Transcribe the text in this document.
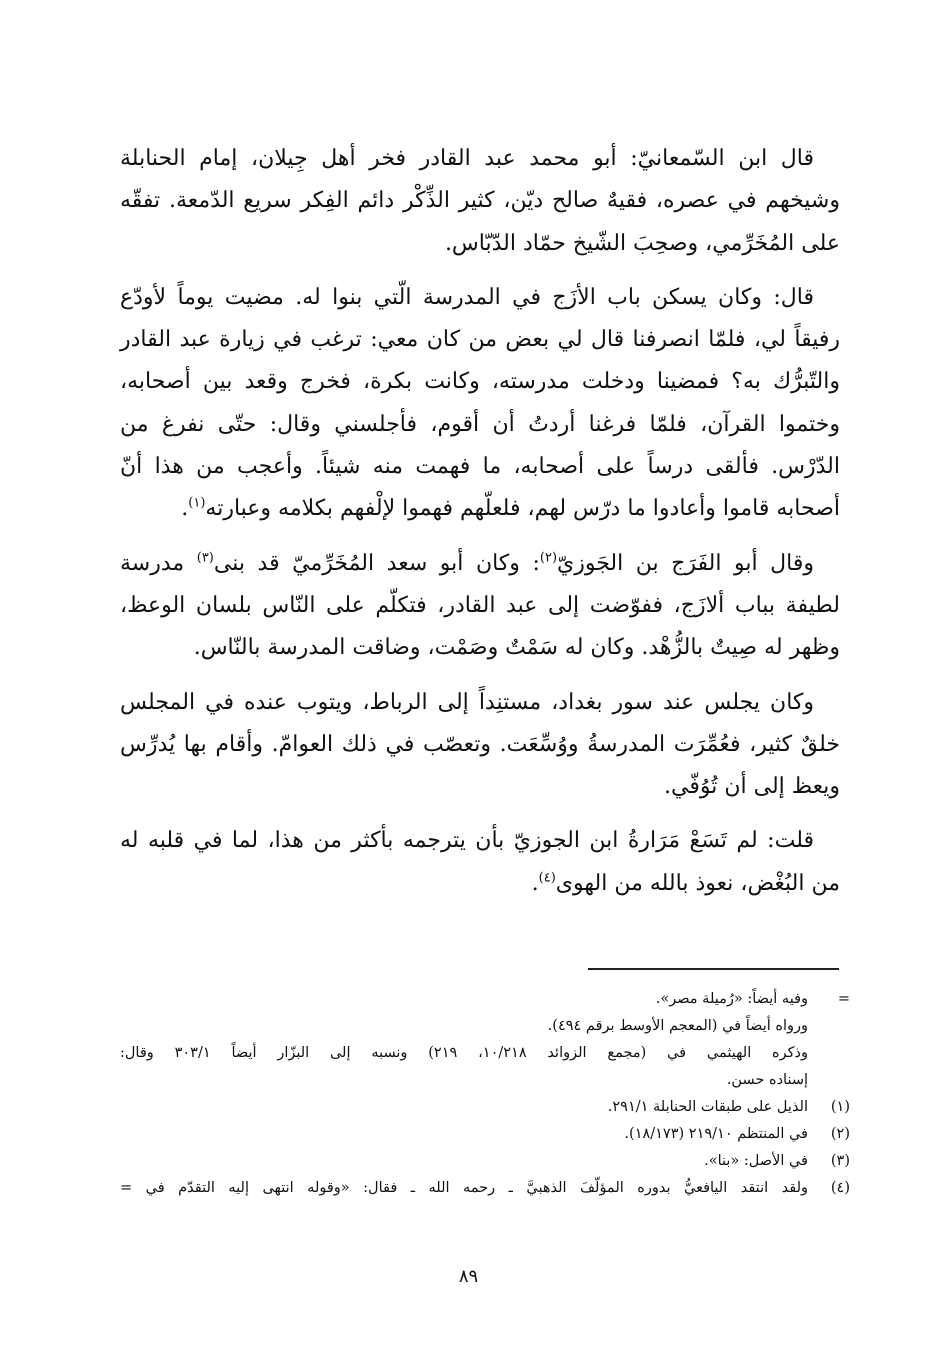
قال ابن السّمعانيّ: أبو محمد عبد القادر فخر أهل جِيلان، إمام الحنابلة وشيخهم في عصره، فقيهٌ صالح ديّن، كثير الذِّكْر دائم الفِكر سريع الدّمعة. تفقّه على المُخَرِّمي، وصحِبَ الشّيخ حمّاد الدّبّاس.

قال: وكان يسكن باب الأزَج في المدرسة الّتي بنوا له. مضيت يوماً لأودّع رفيقاً لي، فلمّا انصرفنا قال لي بعض من كان معي: ترغب في زيارة عبد القادر والتّبرُّك به؟ فمضينا ودخلت مدرسته، وكانت بكرة، فخرج وقعد بين أصحابه، وختموا القرآن، فلمّا فرغنا أردتُ أن أقوم، فأجلسني وقال: حتّى نفرغ من الدّرْس. فألقى درساً على أصحابه، ما فهمت منه شيئاً. وأعجب من هذا أنّ أصحابه قاموا وأعادوا ما درّس لهم، فلعلّهم فهموا لإلْفهم بكلامه وعبارته$^{(١)}$.

وقال أبو الفَرَج بن الجَوزيّ$^{(٢)}$: وكان أبو سعد المُخَرِّميّ قد بنى$^{(٣)}$ مدرسة لطيفة بباب ألازَج، ففوّضت إلى عبد القادر، فتكلّم على النّاس بلسان الوعظ، وظهر له صِيتٌ بالزُّهْد. وكان له سَمْتٌ وصَمْت، وضاقت المدرسة بالنّاس.

وكان يجلس عند سور بغداد، مستنِداً إلى الرباط، ويتوب عنده في المجلس خلقٌ كثير، فعُمِّرَت المدرسةُ ووُسِّعَت. وتعصّب في ذلك العوامّ. وأقام بها يُدرِّس ويعظ إلى أن تُوُفّي.

قلت: لم تَسَعْ مَرَارةُ ابن الجوزيّ بأن يترجمه بأكثر من هذا، لما في قلبه له من البُغْض، نعوذ بالله من الهوى$^{(٤)}$.

=
وفيه أيضاً: «رُميلة مصر».
ورواه أيضاً في (المعجم الأوسط برقم ٤٩٤).
وذكره الهيثمي في (مجمع الزوائد ١٠/٢١٨، ٢١٩) ونسبه إلى البزّار أيضاً ٣٠٣/١ وقال:
إسناده حسن.
(١)
الذيل على طبقات الحنابلة ٢٩١/١.
(٢)
في المنتظم ٢١٩/١٠ (١٨/١٧٣).
(٣)
في الأصل: «بنا».
(٤)
ولقد انتقد اليافعيُّ بدوره المؤلّفَ الذهبيَّ ـ رحمه الله ـ فقال: «وقوله انتهى إليه التقدّم في =
٨٩
